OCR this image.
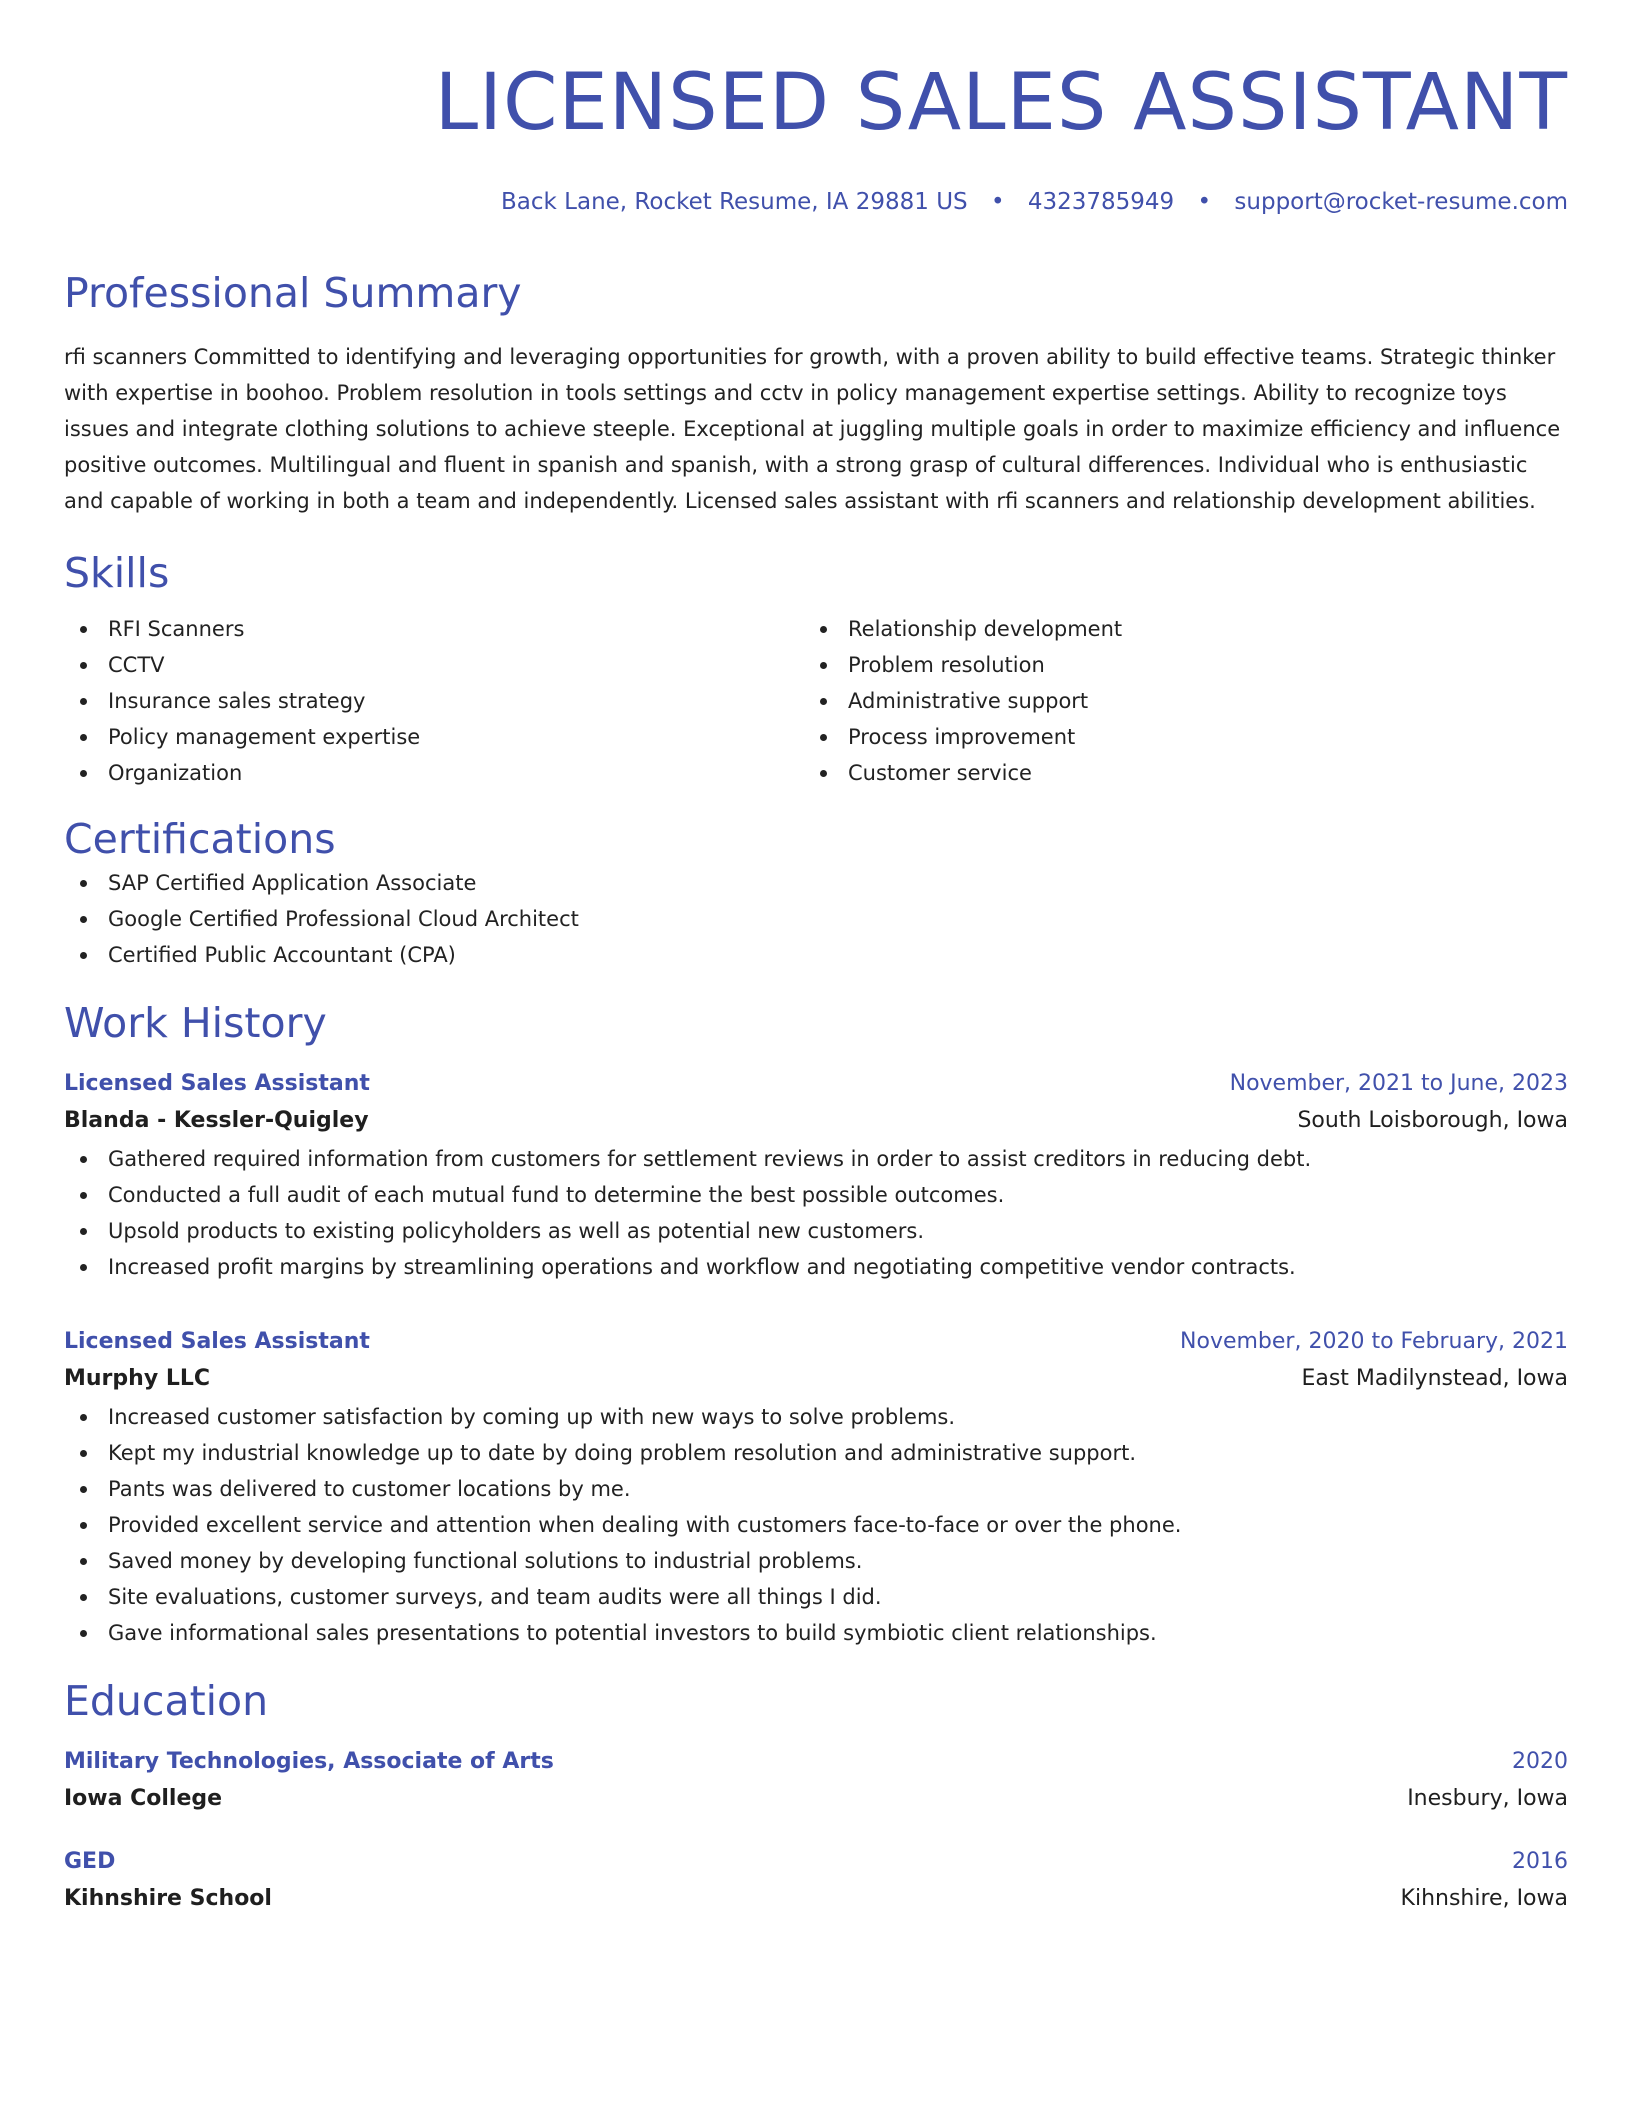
LICENSED SALES ASSISTANT
Back Lane, Rocket Resume, IA 29881 US • 4323785949 • support@rocket-resume.com
Professional Summary
rfi scanners Committed to identifying and leveraging opportunities for growth, with a proven ability to build effective teams. Strategic thinker with expertise in boohoo. Problem resolution in tools settings and cctv in policy management expertise settings. Ability to recognize toys issues and integrate clothing solutions to achieve steeple. Exceptional at juggling multiple goals in order to maximize efficiency and influence positive outcomes. Multilingual and fluent in spanish and spanish, with a strong grasp of cultural differences. Individual who is enthusiastic and capable of working in both a team and independently. Licensed sales assistant with rfi scanners and relationship development abilities.
Skills
RFI Scanners
CCTV
Insurance sales strategy
Policy management expertise
Organization
Relationship development
Problem resolution
Administrative support
Process improvement
Customer service
Certifications
SAP Certified Application Associate
Google Certified Professional Cloud Architect
Certified Public Accountant (CPA)
Work History
Licensed Sales Assistant	November, 2021 to June, 2023
Blanda - Kessler-Quigley	South Loisborough, Iowa
Gathered required information from customers for settlement reviews in order to assist creditors in reducing debt.
Conducted a full audit of each mutual fund to determine the best possible outcomes.
Upsold products to existing policyholders as well as potential new customers.
Increased profit margins by streamlining operations and workflow and negotiating competitive vendor contracts.
Licensed Sales Assistant	November, 2020 to February, 2021
Murphy LLC	East Madilynstead, Iowa
Increased customer satisfaction by coming up with new ways to solve problems.
Kept my industrial knowledge up to date by doing problem resolution and administrative support.
Pants was delivered to customer locations by me.
Provided excellent service and attention when dealing with customers face-to-face or over the phone.
Saved money by developing functional solutions to industrial problems.
Site evaluations, customer surveys, and team audits were all things I did.
Gave informational sales presentations to potential investors to build symbiotic client relationships.
Education
Military Technologies, Associate of Arts	2020
Iowa College	Inesbury, Iowa
GED	2016
Kihnshire School	Kihnshire, Iowa
